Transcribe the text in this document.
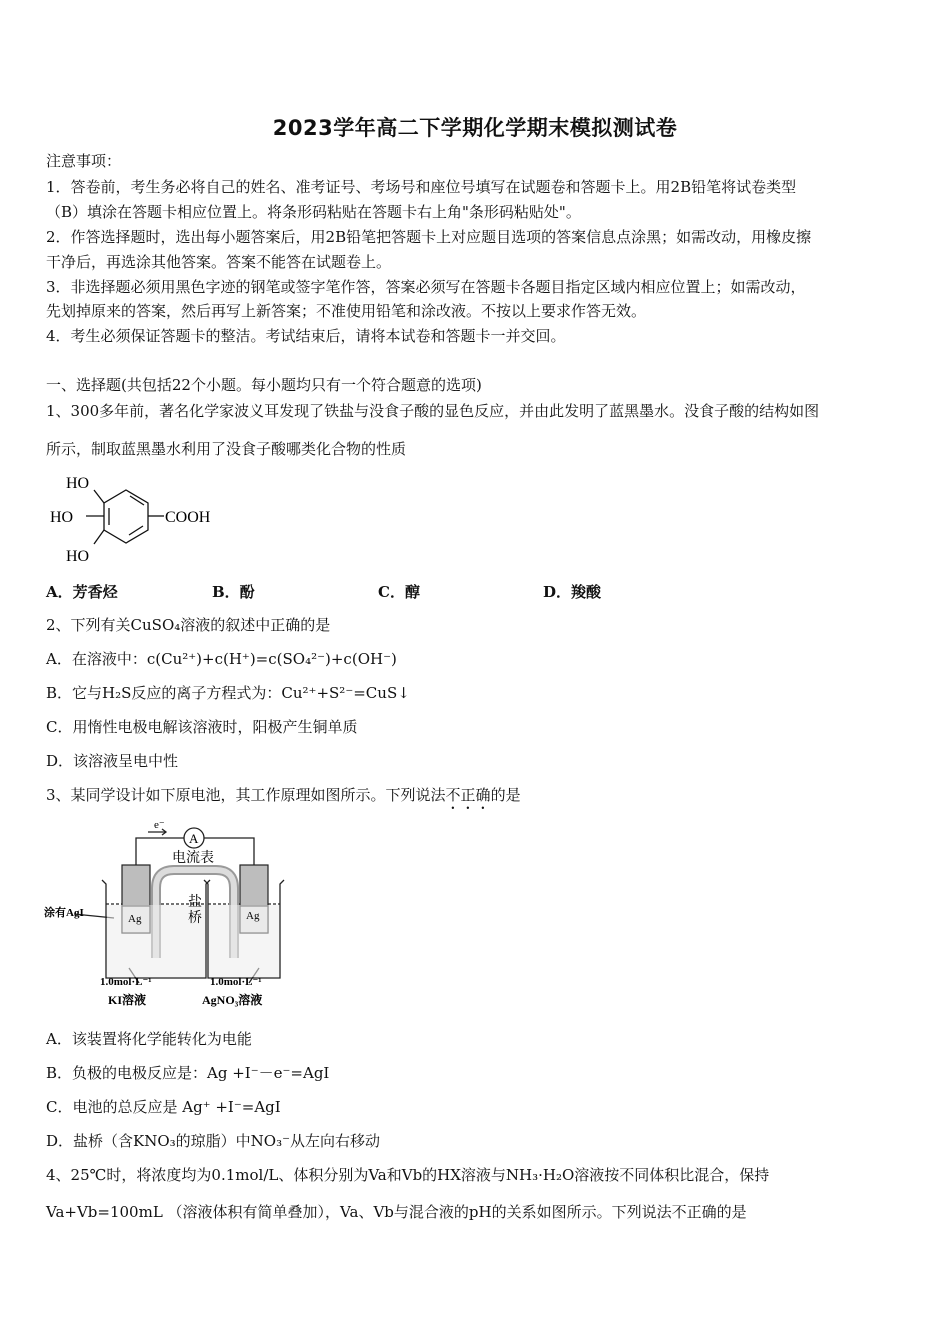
2023学年高二下学期化学期末模拟测试卷
注意事项：
1．答卷前，考生务必将自己的姓名、准考证号、考场号和座位号填写在试题卷和答题卡上。用2B铅笔将试卷类型
（B）填涂在答题卡相应位置上。将条形码粘贴在答题卡右上角"条形码粘贴处"。
2．作答选择题时，选出每小题答案后，用2B铅笔把答题卡上对应题目选项的答案信息点涂黑；如需改动，用橡皮擦
干净后，再选涂其他答案。答案不能答在试题卷上。
3．非选择题必须用黑色字迹的钢笔或签字笔作答，答案必须写在答题卡各题目指定区域内相应位置上；如需改动，
先划掉原来的答案，然后再写上新答案；不准使用铅笔和涂改液。不按以上要求作答无效。
4．考生必须保证答题卡的整洁。考试结束后，请将本试卷和答题卡一并交回。
一、选择题(共包括22个小题。每小题均只有一个符合题意的选项)
1、300多年前，著名化学家波义耳发现了铁盐与没食子酸的显色反应，并由此发明了蓝黑墨水。没食子酸的结构如图
所示，制取蓝黑墨水利用了没食子酸哪类化合物的性质
HO
HO
HO
COOH
A．芳香烃	B．酚	C．醇	D．羧酸
2、下列有关CuSO₄溶液的叙述中正确的是
A．在溶液中：c(Cu²⁺)+c(H⁺)=c(SO₄²⁻)+c(OH⁻)
B．它与H₂S反应的离子方程式为：Cu²⁺+S²⁻=CuS↓
C．用惰性电极电解该溶液时，阳极产生铜单质
D．该溶液呈电中性
3、某同学设计如下原电池，其工作原理如图所示。下列说法不正确的是
e⁻
A
电流表
盐
桥
Ag	Ag
涂有AgI
1.0mol·L⁻¹
KI溶液
1.0mol·L⁻¹
AgNO₃溶液
A．该装置将化学能转化为电能
B．负极的电极反应是：Ag +I⁻－e⁻=AgI
C．电池的总反应是 Ag⁺ +I⁻=AgI
D．盐桥（含KNO₃的琼脂）中NO₃⁻从左向右移动
4、25℃时，将浓度均为0.1mol/L、体积分别为Va和Vb的HX溶液与NH₃·H₂O溶液按不同体积比混合，保持
Va+Vb=100mL （溶液体积有简单叠加），Va、Vb与混合液的pH的关系如图所示。下列说法不正确的是
